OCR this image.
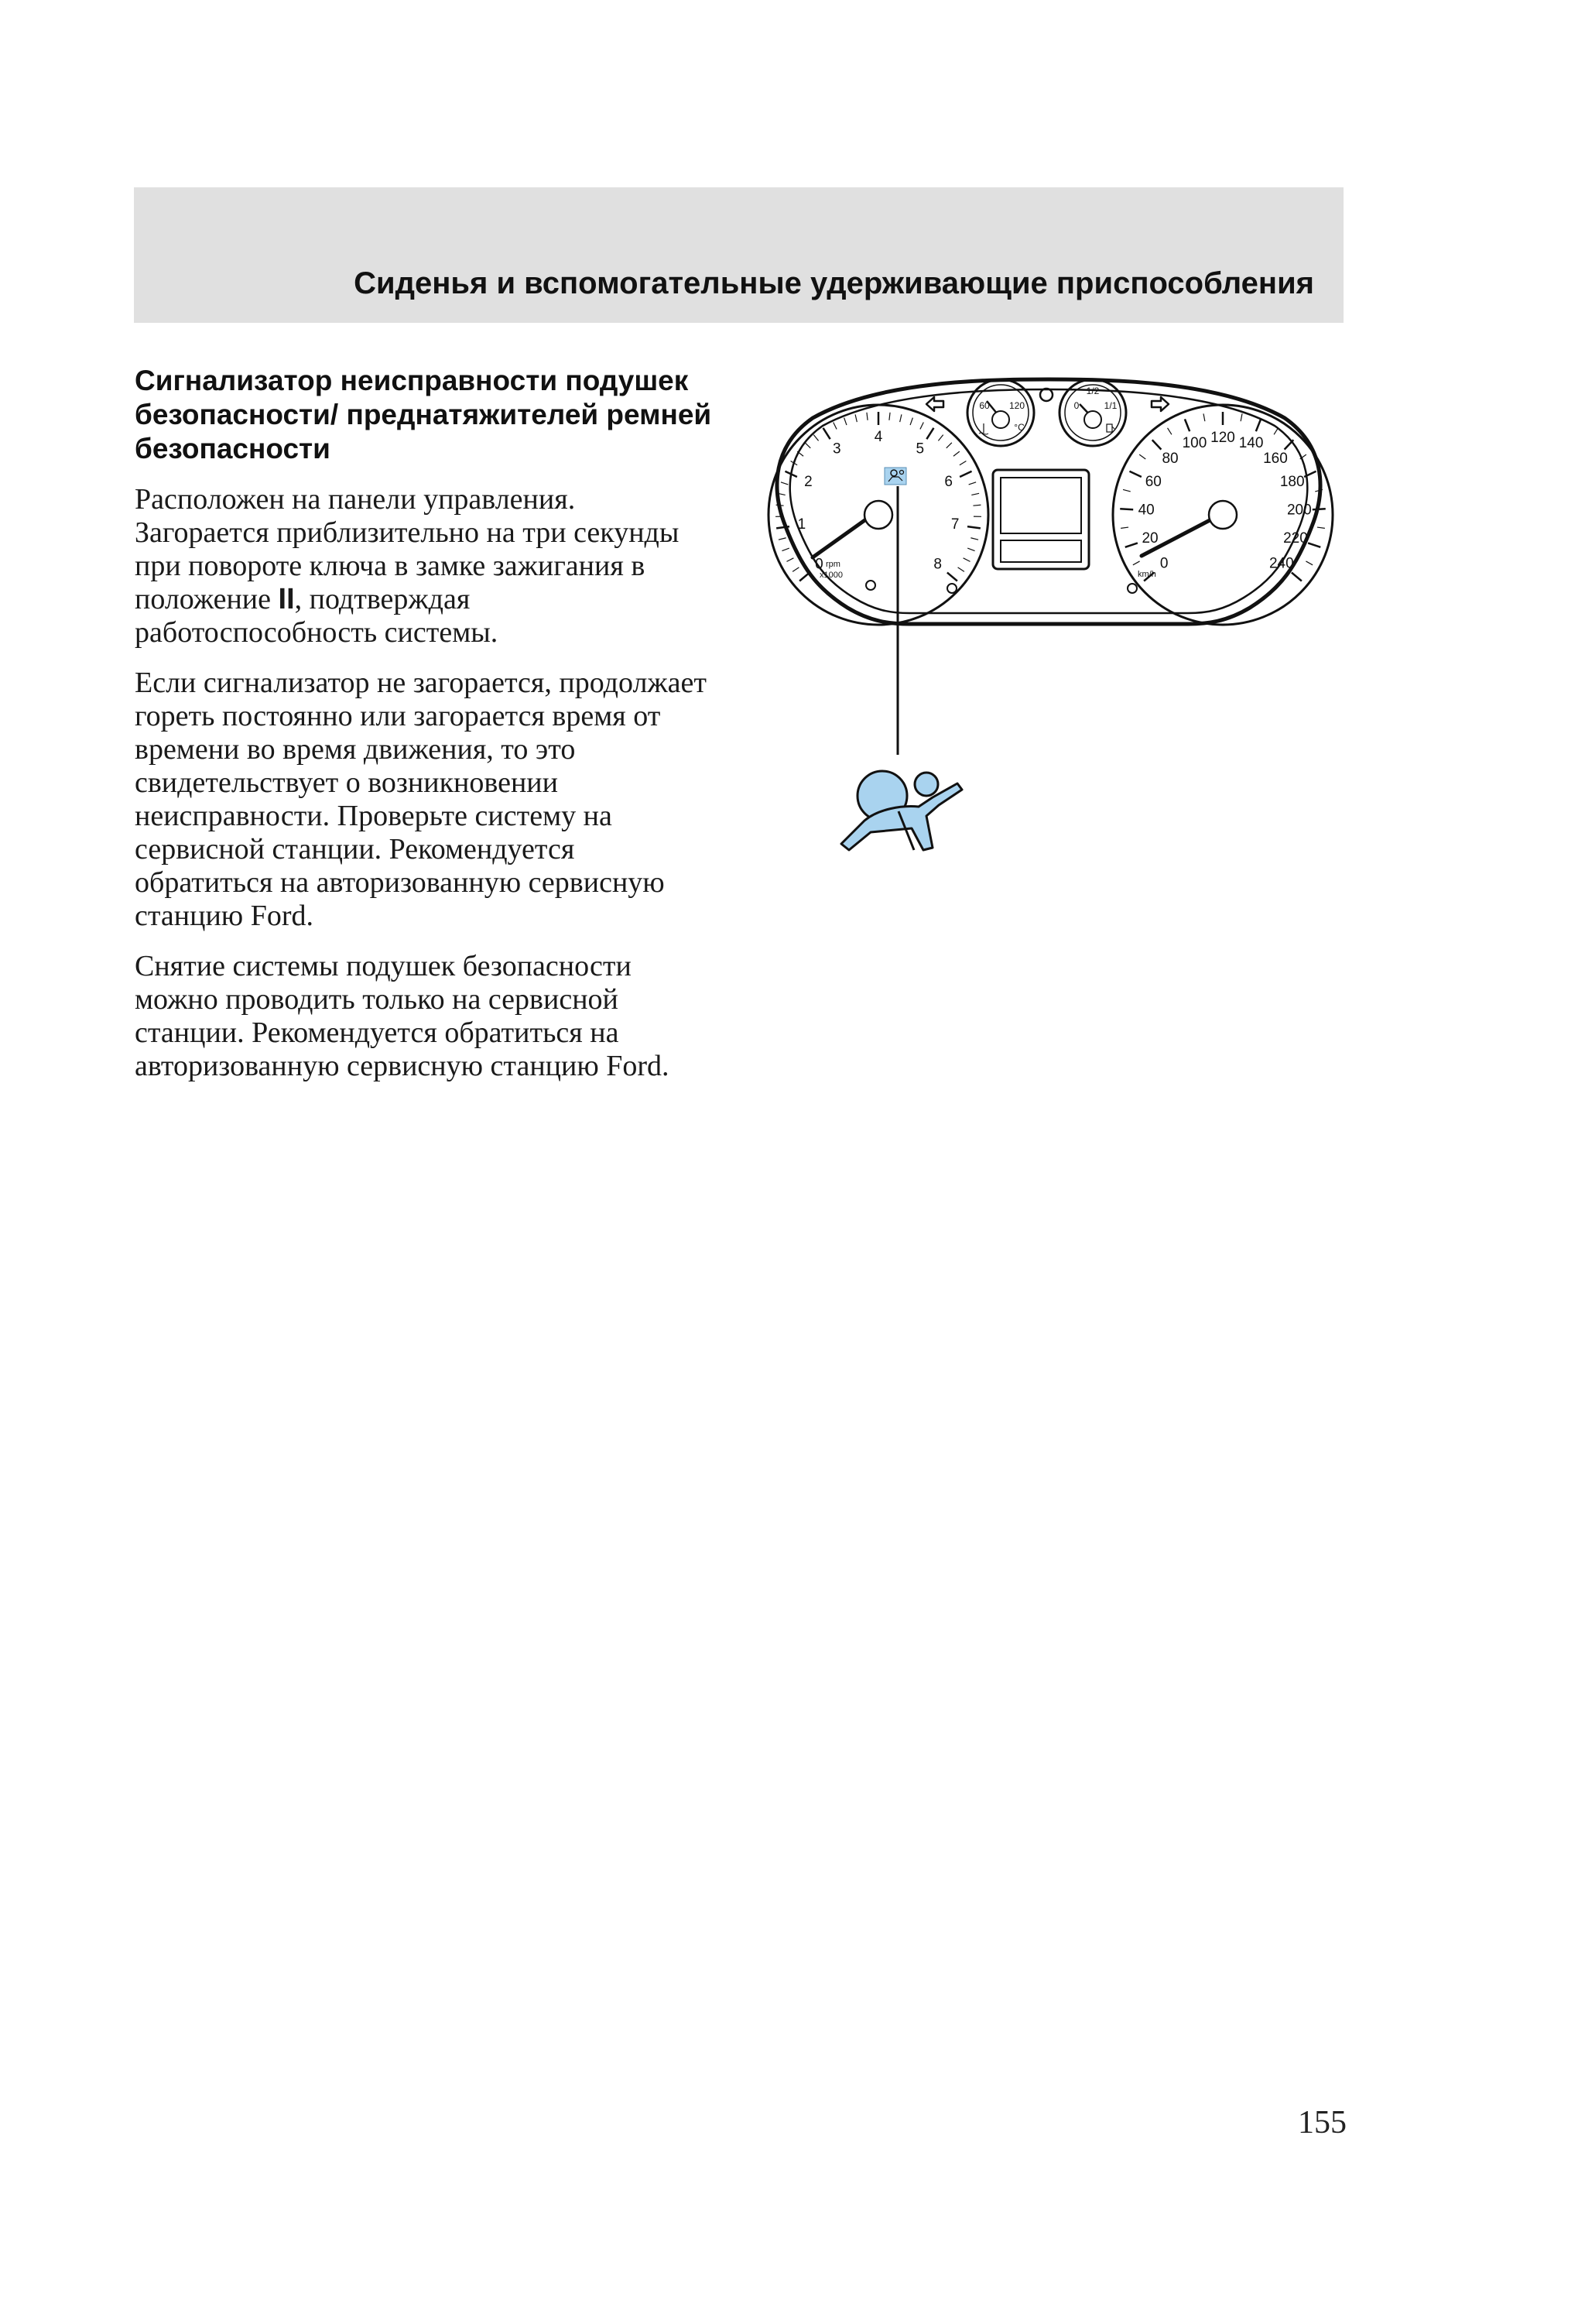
Сиденья и вспомогательные удерживающие приспособления
Сигнализатор неисправности подушек безопасности/ преднатяжителей ремней безопасности

Расположен на панели управления. Загорается приблизительно на три секунды при повороте ключа в замке зажигания в положение II, подтверждая работоспособность системы.

Если сигнализатор не загорается, продолжает гореть постоянно или загорается время от времени во время движения, то это свидетельствует о возникновении неисправности. Проверьте систему на сервисной станции. Рекомендуется обратиться на авторизованную сервисную станцию Ford.

Снятие системы подушек безопасности можно проводить только на сервисной станции. Рекомендуется обратиться на авторизованную сервисную станцию Ford.

0
1
2
3
4
5
6
7
8
rpm
x1000
0
20
40
60
80
100 120 140
160
180
200
220
240
km/h
60 120
°C
0
1/2
1/1
155
